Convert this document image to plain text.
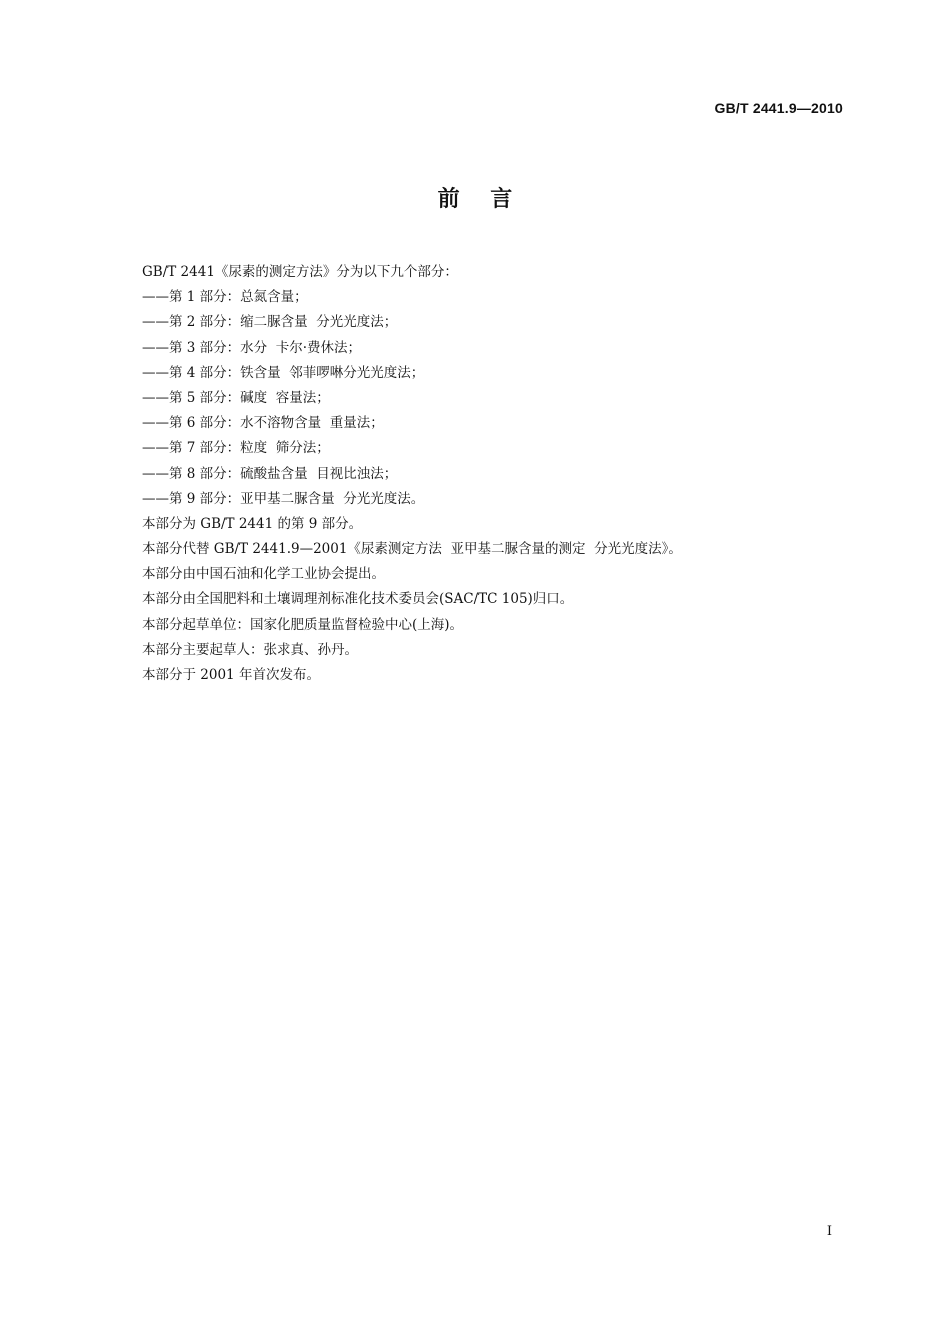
GB/T 2441.9—2010
前    言
GB/T 2441《尿素的测定方法》分为以下九个部分：
——第 1 部分：总氮含量；
——第 2 部分：缩二脲含量  分光光度法；
——第 3 部分：水分  卡尔·费休法；
——第 4 部分：铁含量  邻菲啰啉分光光度法；
——第 5 部分：碱度  容量法；
——第 6 部分：水不溶物含量  重量法；
——第 7 部分：粒度  筛分法；
——第 8 部分：硫酸盐含量  目视比浊法；
——第 9 部分：亚甲基二脲含量  分光光度法。
本部分为 GB/T 2441 的第 9 部分。
本部分代替 GB/T 2441.9—2001《尿素测定方法  亚甲基二脲含量的测定  分光光度法》。
本部分由中国石油和化学工业协会提出。
本部分由全国肥料和土壤调理剂标准化技术委员会(SAC/TC 105)归口。
本部分起草单位：国家化肥质量监督检验中心(上海)。
本部分主要起草人：张求真、孙丹。
本部分于 2001 年首次发布。
I
